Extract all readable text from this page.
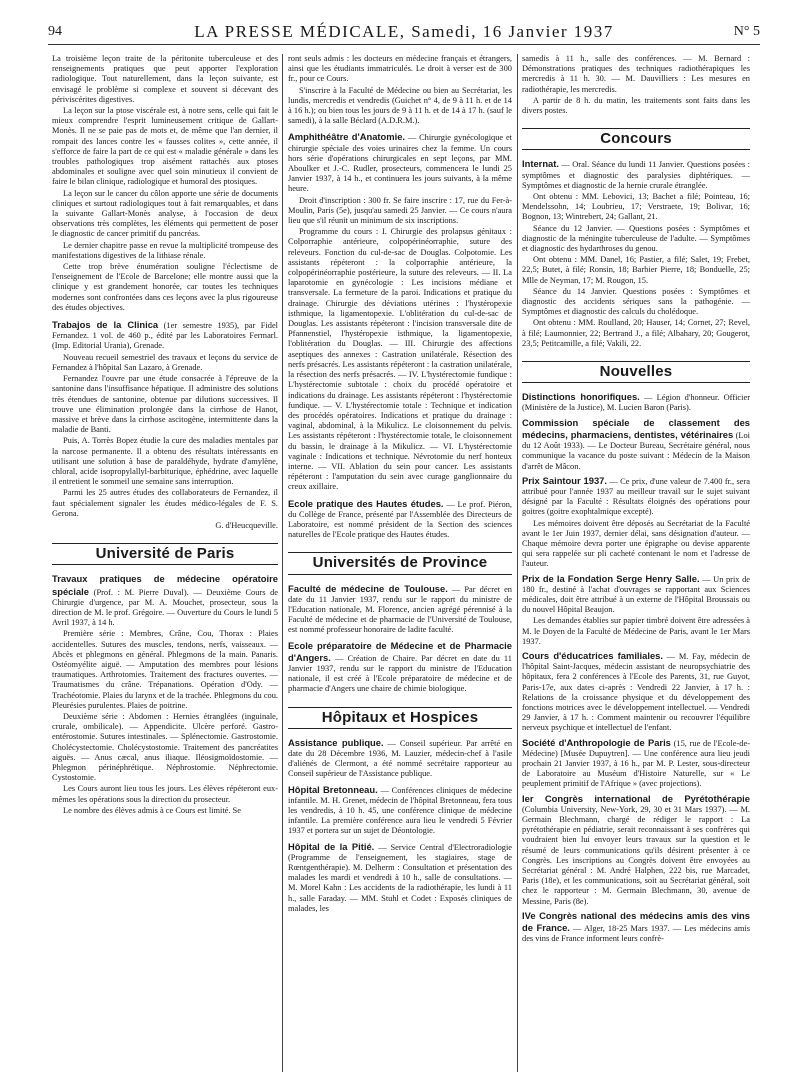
94	LA PRESSE MÉDICALE, Samedi, 16 Janvier 1937	N° 5

La troisième leçon traite de la péritonite tuberculeuse et des renseignements pratiques que peut apporter l'exploration radiologique. Tout naturellement, dans la leçon suivante, est envisagé le problème si complexe et souvent si décevant des périviscérites digestives.

La leçon sur la ptose viscérale est, à notre sens, celle qui fait le mieux comprendre l'esprit lumineusement critique de Gallart-Monès. Il ne se paie pas de mots et, de même que l'an dernier, il rompait des lances contre les « fausses colites », cette année, il s'efforce de faire la part de ce qui est « maladie générale » dans les troubles pathologiques trop aisément rattachés aux ptoses abdominales et souligne avec quel soin minutieux il convient de faire le bilan clinique, radiologique et humoral des ptosiques.

La leçon sur le cancer du côlon apporte une série de documents cliniques et surtout radiologiques tout à fait remarquables, et dans la suivante Gallart-Monès analyse, à l'occasion de deux observations très complètes, les éléments qui permettent de poser le diagnostic de cancer primitif du pancréas.

Le dernier chapitre passe en revue la multiplicité trompeuse des manifestations digestives de la lithiase rénale.

Cette trop brève énumération souligne l'éclectisme de l'enseignement de l'Ecole de Barcelone; elle montre aussi que la clinique y est grandement honorée, car toutes les techniques modernes sont confrontées dans ces leçons avec la plus rigoureuse des études objectives.

Trabajos de la Clinica (1er semestre 1935), par Fidel Fernandez. 1 vol. de 460 p., édité par les Laboratoires Fermarl. (Imp. Editorial Urania), Grenade.

Nouveau recueil semestriel des travaux et leçons du service de Fernandez à l'hôpital San Lazaro, à Grenade.

Fernandez l'ouvre par une étude consacrée à l'épreuve de la santonine dans l'insuffisance hépatique. Il administre des solutions très étendues de santonine, obtenue par dilutions successives. Il trouve une élimination prolongée dans la cirrhose de Hanot, massive et brève dans la cirrhose ascitogène, intermittente dans la maladie de Banti.

Puis, A. Torrès Bopez étudie la cure des maladies mentales par la narcose permanente. Il a obtenu des résultats intéressants en utilisant une solution à base de paraldéhyde, hydrate d'amylène, chloral, acide isopropylallyl-barbiturique, éphédrine, avec laquelle il entretient le sommeil une semaine sans interruption.

Parmi les 25 autres études des collaborateurs de Fernandez, il faut spécialement signaler les études médico-légales de F. S. Gerona.

G. d'Heucqueville.

Université de Paris

Travaux pratiques de médecine opératoire spéciale (Prof. : M. Pierre Duval). — Deuxième Cours de Chirurgie d'urgence, par M. A. Mouchet, prosecteur, sous la direction de M. le prof. Grégoire. — Ouverture du Cours le lundi 5 Avril 1937, à 14 h.

Première série : Membres, Crâne, Cou, Thorax : Plaies accidentelles. Sutures des muscles, tendons, nerfs, vaisseaux. — Abcès et phlegmons en général. Phlegmons de la main. Panaris. Ostéomyélite aiguë. — Amputation des membres pour lésions traumatiques. Arthrotomies. Traitement des fractures ouvertes. — Traumatismes du crâne. Trépanations. Opération d'Ody. — Trachéotomie. Plaies du larynx et de la trachée. Phlegmons du cou. Pleurésies purulentes. Plaies de poitrine.

Deuxième série : Abdomen : Hernies étranglées (inguinale, crurale, ombilicale). — Appendicite. Ulcère perforé. Gastro-entérostomie. Sutures intestinales. — Splénectomie. Gastrostomie. Cholécystectomie. Cholécystostomie. Traitement des pancréatites aiguës. — Anus cæcal, anus iliaque. Iléosigmoïdostomie. — Phlegmon périnéphrétique. Néphrostomie. Néphrectomie. Cystostomie.

Les Cours auront lieu tous les jours. Les élèves répéteront eux-mêmes les opérations sous la direction du prosecteur.

Le nombre des élèves admis à ce Cours est limité. Se

ront seuls admis : les docteurs en médecine français et étrangers, ainsi que les étudiants immatriculés. Le droit à verser est de 300 fr., pour ce Cours.

S'inscrire à la Faculté de Médecine ou bien au Secrétariat, les lundis, mercredis et vendredis (Guichet n° 4, de 9 à 11 h. et de 14 à 16 h.); ou bien tous les jours de 9 à 11 h. et de 14 à 17 h. (sauf le samedi), à la salle Béclard (A.D.R.M.).

Amphithéâtre d'Anatomie. — Chirurgie gynécologique et chirurgie spéciale des voies urinaires chez la femme. Un cours hors série d'opérations chirurgicales en sept leçons, par MM. Aboulker et J.-C. Rudler, prosecteurs, commencera le lundi 25 Janvier 1937, à 14 h., et continuera les jours suivants, à la même heure.

Droit d'inscription : 300 fr. Se faire inscrire : 17, rue du Fer-à-Moulin, Paris (5e), jusqu'au samedi 25 Janvier. — Ce cours n'aura lieu que s'il réunit un minimum de six inscriptions.

Programme du cours : I. Chirurgie des prolapsus génitaux : Colporraphie antérieure, colpopérinéorraphie, suture des releveurs. Fonction du cul-de-sac de Douglas. Colpotomie. Les assistants répéteront : la colporraphie antérieure, la colpopérinéorraphie postérieure, la suture des releveurs. — II. La laparotomie en gynécologie : Les incisions médiane et transversale. La fermeture de la paroi. Indications et pratique du drainage. Chirurgie des déviations utérines : l'hystéropexie isthmique, la ligamentopexie. L'oblitération du cul-de-sac de Douglas. Les assistants répéteront : l'incision transversale dite de Pfannenstiel, l'hystéropexie isthmique, la ligamentopexie, l'oblitération du Douglas. — III. Chirurgie des affections aseptiques des annexes : Castration unilatérale. Résection des nerfs présacrés. Les assistants répéteront : la castration unilatérale, la résection des nerfs présacrés. — IV. L'hystérectomie fundique : L'hystérectomie subtotale : choix du procédé opératoire et indications du drainage. Les assistants répéteront : l'hystérectomie fundique. — V. L'hystérectomie totale : Technique et indication des procédés opératoires. Indications et pratique du drainage : vaginal, abdominal, à la Mikulicz. Le cloisonnement du pelvis. Les assistants répéteront : l'hystérectomie totale, le cloisonnement du bassin, le drainage à la Mikulicz. — VI. L'hystérectomie vaginale : Indications et technique. Névrotomie du nerf honteux interne. — VII. Ablation du sein pour cancer. Les assistants répéteront : l'amputation du sein avec curage ganglionnaire du creux axillaire.

Ecole pratique des Hautes études. — Le prof. Piéron, du Collège de France, présenté par l'Assemblée des Directeurs de Laboratoire, est nommé président de la Section des sciences naturelles de l'Ecole pratique des Hautes études.

Universités de Province

Faculté de médecine de Toulouse. — Par décret en date du 11 Janvier 1937, rendu sur le rapport du ministre de l'Education nationale, M. Florence, ancien agrégé pérennisé à la Faculté de médecine et de pharmacie de l'Université de Toulouse, est nommé professeur honoraire de ladite faculté.

Ecole préparatoire de Médecine et de Pharmacie d'Angers. — Création de Chaire. Par décret en date du 11 Janvier 1937, rendu sur le rapport du ministre de l'Education nationale, il est créé à l'Ecole préparatoire de médecine et de pharmacie d'Angers une chaire de chimie biologique.

Hôpitaux et Hospices

Assistance publique. — Conseil supérieur. Par arrêté en date du 28 Décembre 1936, M. Lauzier, médecin-chef à l'asile d'aliénés de Clermont, a été nommé secrétaire rapporteur au Conseil supérieur de l'Assistance publique.

Hôpital Bretonneau. — Conférences cliniques de médecine infantile. M. H. Grenet, médecin de l'hôpital Bretonneau, fera tous les vendredis, à 10 h. 45, une conférence clinique de médecine infantile. La première conférence aura lieu le vendredi 5 Février 1937 et portera sur un sujet de Déontologie.

Hôpital de la Pitié. — Service Central d'Electroradiologie (Programme de l'enseignement, les stagiaires, stage de Rœntgenthérapie). M. Delherm : Consultation et présentation des malades les mardi et vendredi à 10 h., salle de consultations. — M. Morel Kahn : Les accidents de la radiothérapie, les lundi à 11 h., salle Faraday. — MM. Stuhl et Codet : Exposés cliniques de malades, les

samedis à 11 h., salle des conférences. — M. Bernard : Démonstrations pratiques des techniques radiothérapiques les mercredis à 11 h. 30. — M. Dauvilliers : Les mesures en radiothérapie, les mercredis.

A partir de 8 h. du matin, les traitements sont faits dans les divers postes.

Concours

Internat. — Oral. Séance du lundi 11 Janvier. Questions posées : symptômes et diagnostic des paralysies diphtériques. — Symptômes et diagnostic de la hernie crurale étranglée.

Ont obtenu : MM. Lebovici, 13; Bachet a filé; Pointeau, 16; Mendelssohn, 14; Loubrieu, 17; Verstraete, 19; Bolivar, 16; Bognon, 13; Wintrebert, 24; Gallant, 21.

Séance du 12 Janvier. — Questions posées : Symptômes et diagnostic de la méningite tuberculeuse de l'adulte. — Symptômes et diagnostic des hydarthroses du genou.

Ont obtenu : MM. Danel, 16; Pastier, a filé; Salet, 19; Frebet, 22,5; Butet, à filé; Ronsin, 18; Barbier Pierre, 18; Bonduelle, 25; Mlle de Neyman, 17; M. Rougon, 15.

Séance du 14 Janvier. Questions posées : Symptômes et diagnostic des accidents sériques sans la pathogénie. — Symptômes et diagnostic des calculs du cholédoque.

Ont obtenu : MM. Roulland, 20; Hauser, 14; Cornet, 27; Revel, à filé; Laumonnier, 22; Bertrand J., a filé; Albahary, 20; Gougerot, 23,5; Petitcamille, a filé; Vakili, 22.

Nouvelles

Distinctions honorifiques. — Légion d'honneur. Officier (Ministère de la Justice), M. Lucien Baron (Paris).

Commission spéciale de classement des médecins, pharmaciens, dentistes, vétérinaires (Loi du 12 Août 1933). — Le Docteur Bureau, Secrétaire général, nous communique la vacance du poste suivant : Médecin de la Maison d'arrêt de Mâcon.

Prix Saintour 1937. — Ce prix, d'une valeur de 7.400 fr., sera attribué pour l'année 1937 au meilleur travail sur le sujet suivant désigné par la Faculté : Résultats éloignés des opérations pour goitres (goitre exophtalmique excepté).

Les mémoires doivent être déposés au Secrétariat de la Faculté avant le 1er Juin 1937, dernier délai, sans désignation d'auteur. — Chaque mémoire devra porter une épigraphe ou devise apparente qui sera rappelée sur pli cacheté contenant le nom et l'adresse de l'auteur.

Prix de la Fondation Serge Henry Salle. — Un prix de 180 fr., destiné à l'achat d'ouvrages se rapportant aux Sciences médicales, doit être attribué à un externe de l'Hôpital Broussais ou du nouvel Hôpital Beaujon.

Les demandes établies sur papier timbré doivent être adressées à M. le Doyen de la Faculté de Médecine de Paris, avant le 1er Mars 1937.

Cours d'éducatrices familiales. — M. Fay, médecin de l'hôpital Saint-Jacques, médecin assistant de neuropsychiatrie des hôpitaux, fera 2 conférences à l'Ecole des Parents, 31, rue Guyot, Paris-17e, aux dates ci-après : Vendredi 22 Janvier, à 17 h. : Relations de la croissance physique et du développement des fonctions motrices avec le développement intellectuel. — Vendredi 29 Janvier, à 17 h. : Comment maintenir ou recouvrer l'équilibre nerveux psychique et intellectuel de l'enfant.

Société d'Anthropologie de Paris (15, rue de l'Ecole-de-Médecine) [Musée Dupuytren]. — Une conférence aura lieu jeudi prochain 21 Janvier 1937, à 16 h., par M. P. Lester, sous-directeur de Laboratoire au Muséum d'Histoire Naturelle, sur « Le peuplement primitif de l'Afrique » (avec projections).

Ier Congrès international de Pyrétothérapie (Columbia University, New-York, 29, 30 et 31 Mars 1937). — M. Germain Blechmann, chargé de rédiger le rapport : La pyrétothérapie en pédiatrie, serait reconnaissant à ses confrères qui voudraient bien lui envoyer leurs travaux sur la question et le résumé de leurs communications qu'ils désirent présenter à ce Congrès. Les inscriptions au Congrès doivent être envoyées au Secrétariat général : M. André Halphen, 222 bis, rue Marcadet, Paris (18e), et les communications, soit au Secrétariat général, soit chez le rapporteur : M. Germain Blechmann, 30, avenue de Messine, Paris (8e).

IVe Congrès national des médecins amis des vins de France. — Alger, 18-25 Mars 1937. — Les médecins amis des vins de France informent leurs confrè-
